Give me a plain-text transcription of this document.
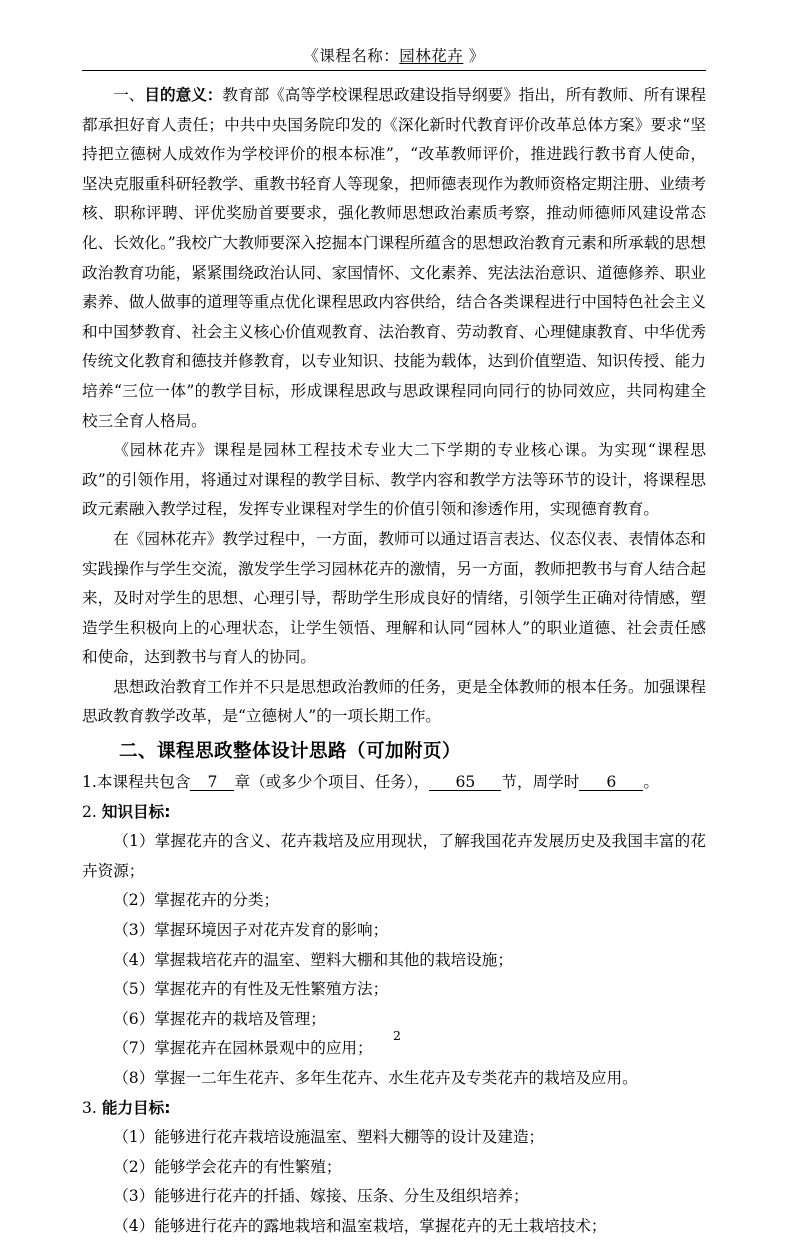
《课程名称：园林花卉 》

一、目的意义：教育部《高等学校课程思政建设指导纲要》指出，所有教师、所有课程都承担好育人责任；中共中央国务院印发的《深化新时代教育评价改革总体方案》要求“坚持把立德树人成效作为学校评价的根本标准”，“改革教师评价，推进践行教书育人使命，坚决克服重科研轻教学、重教书轻育人等现象，把师德表现作为教师资格定期注册、业绩考核、职称评聘、评优奖励首要要求，强化教师思想政治素质考察，推动师德师风建设常态化、长效化。”我校广大教师要深入挖掘本门课程所蕴含的思想政治教育元素和所承载的思想政治教育功能，紧紧围绕政治认同、家国情怀、文化素养、宪法法治意识、道德修养、职业素养、做人做事的道理等重点优化课程思政内容供给，结合各类课程进行中国特色社会主义和中国梦教育、社会主义核心价值观教育、法治教育、劳动教育、心理健康教育、中华优秀传统文化教育和德技并修教育，以专业知识、技能为载体，达到价值塑造、知识传授、能力培养“三位一体”的教学目标，形成课程思政与思政课程同向同行的协同效应，共同构建全校三全育人格局。

《园林花卉》课程是园林工程技术专业大二下学期的专业核心课。为实现“课程思政”的引领作用，将通过对课程的教学目标、教学内容和教学方法等环节的设计，将课程思政元素融入教学过程，发挥专业课程对学生的价值引领和渗透作用，实现德育教育。

在《园林花卉》教学过程中，一方面，教师可以通过语言表达、仪态仪表、表情体态和实践操作与学生交流，激发学生学习园林花卉的激情，另一方面，教师把教书与育人结合起来，及时对学生的思想、心理引导，帮助学生形成良好的情绪，引领学生正确对待情感，塑造学生积极向上的心理状态，让学生领悟、理解和认同“园林人”的职业道德、社会责任感和使命，达到教书与育人的协同。

思想政治教育工作并不只是思想政治教师的任务，更是全体教师的根本任务。加强课程思政教育教学改革，是“立德树人”的一项长期工作。

二、课程思政整体设计思路（可加附页）

1.本课程共包含 7 章（或多少个项目、任务）， 65 节，周学时 6 。

2. 知识目标:

（1）掌握花卉的含义、花卉栽培及应用现状，了解我国花卉发展历史及我国丰富的花卉资源；

（2）掌握花卉的分类；

（3）掌握环境因子对花卉发育的影响；

（4）掌握栽培花卉的温室、塑料大棚和其他的栽培设施；

（5）掌握花卉的有性及无性繁殖方法；

（6）掌握花卉的栽培及管理；

（7）掌握花卉在园林景观中的应用；

（8）掌握一二年生花卉、多年生花卉、水生花卉及专类花卉的栽培及应用。

3. 能力目标:

（1）能够进行花卉栽培设施温室、塑料大棚等的设计及建造；

（2）能够学会花卉的有性繁殖；

（3）能够进行花卉的扦插、嫁接、压条、分生及组织培养；

（4）能够进行花卉的露地栽培和温室栽培，掌握花卉的无土栽培技术；

2
